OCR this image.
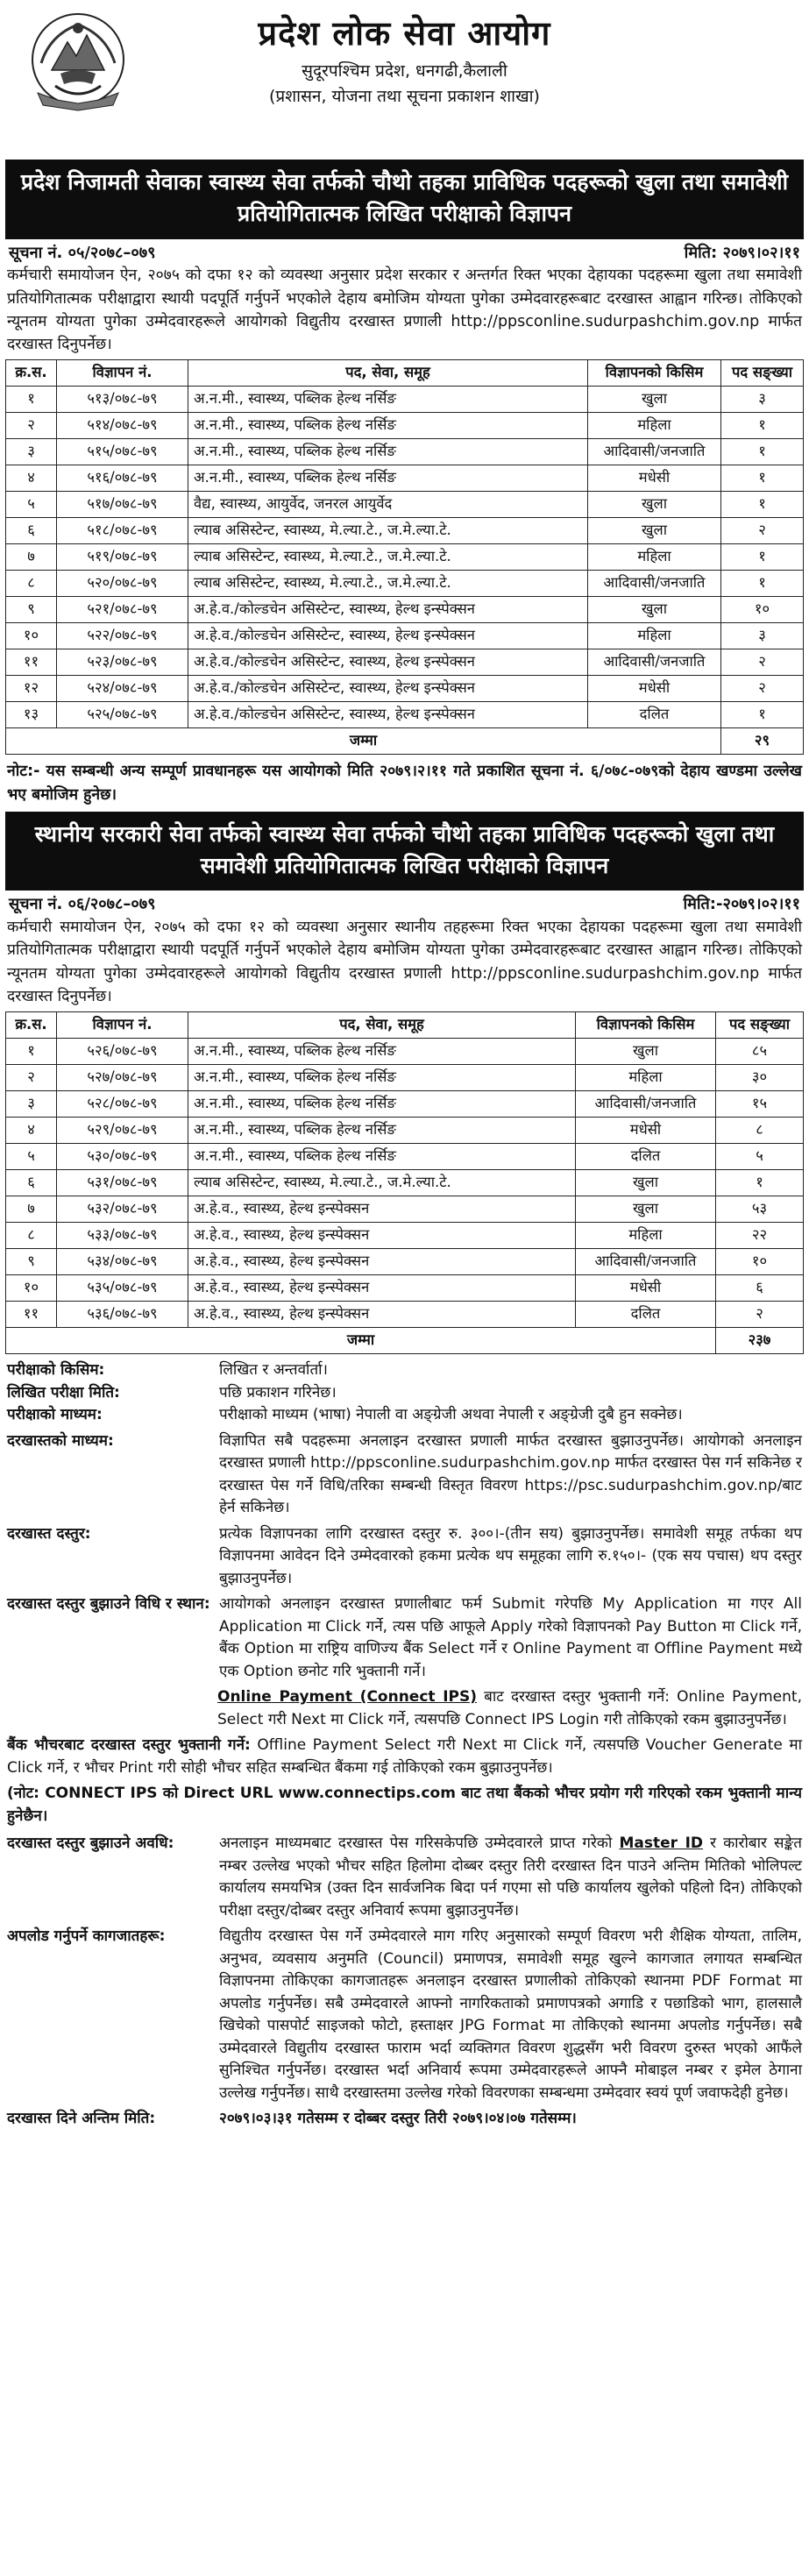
प्रदेश लोक सेवा आयोग
सुदूरपश्चिम प्रदेश, धनगढी,कैलाली
(प्रशासन, योजना तथा सूचना प्रकाशन शाखा)
प्रदेश निजामती सेवाका स्वास्थ्य सेवा तर्फको चौथो तहका प्राविधिक पदहरूको खुला तथा समावेशी प्रतियोगितात्मक लिखित परीक्षाको विज्ञापन
सूचना नं. ०५/२०७८–०७९	मिति: २०७९।०२।११
कर्मचारी समायोजन ऐन, २०७५ को दफा १२ को व्यवस्था अनुसार प्रदेश सरकार र अन्तर्गत रिक्त भएका देहायका पदहरूमा खुला तथा समावेशी प्रतियोगितात्मक परीक्षाद्वारा स्थायी पदपूर्ति गर्नुपर्ने भएकोले देहाय बमोजिम योग्यता पुगेका उम्मेदवारहरूबाट दरखास्त आह्वान गरिन्छ। तोकिएको न्यूनतम योग्यता पुगेका उम्मेदवारहरूले आयोगको विद्युतीय दरखास्त प्रणाली http://ppsconline.sudurpashchim.gov.np मार्फत दरखास्त दिनुपर्नेछ।
क्र.स.	विज्ञापन नं.	पद, सेवा, समूह	विज्ञापनको किसिम	पद सङ्ख्या
१	५१३/०७८-७९	अ.न.मी., स्वास्थ्य, पब्लिक हेल्थ नर्सिङ	खुला	३
२	५१४/०७८-७९	अ.न.मी., स्वास्थ्य, पब्लिक हेल्थ नर्सिङ	महिला	१
३	५१५/०७८-७९	अ.न.मी., स्वास्थ्य, पब्लिक हेल्थ नर्सिङ	आदिवासी/जनजाति	१
४	५१६/०७८-७९	अ.न.मी., स्वास्थ्य, पब्लिक हेल्थ नर्सिङ	मधेसी	१
५	५१७/०७८-७९	वैद्य, स्वास्थ्य, आयुर्वेद, जनरल आयुर्वेद	खुला	१
६	५१८/०७८-७९	ल्याब असिस्टेन्ट, स्वास्थ्य, मे.ल्या.टे., ज.मे.ल्या.टे.	खुला	२
७	५१९/०७८-७९	ल्याब असिस्टेन्ट, स्वास्थ्य, मे.ल्या.टे., ज.मे.ल्या.टे.	महिला	१
८	५२०/०७८-७९	ल्याब असिस्टेन्ट, स्वास्थ्य, मे.ल्या.टे., ज.मे.ल्या.टे.	आदिवासी/जनजाति	१
९	५२१/०७८-७९	अ.हे.व./कोल्डचेन असिस्टेन्ट, स्वास्थ्य, हेल्थ इन्स्पेक्सन	खुला	१०
१०	५२२/०७८-७९	अ.हे.व./कोल्डचेन असिस्टेन्ट, स्वास्थ्य, हेल्थ इन्स्पेक्सन	महिला	३
११	५२३/०७८-७९	अ.हे.व./कोल्डचेन असिस्टेन्ट, स्वास्थ्य, हेल्थ इन्स्पेक्सन	आदिवासी/जनजाति	२
१२	५२४/०७८-७९	अ.हे.व./कोल्डचेन असिस्टेन्ट, स्वास्थ्य, हेल्थ इन्स्पेक्सन	मधेसी	२
१३	५२५/०७८-७९	अ.हे.व./कोल्डचेन असिस्टेन्ट, स्वास्थ्य, हेल्थ इन्स्पेक्सन	दलित	१
जम्मा				२९
नोट:- यस सम्बन्धी अन्य सम्पूर्ण प्रावधानहरू यस आयोगको मिति २०७९।२।११ गते प्रकाशित सूचना नं. ६/०७८-०७९को देहाय खण्डमा उल्लेख भए बमोजिम हुनेछ।
स्थानीय सरकारी सेवा तर्फको स्वास्थ्य सेवा तर्फको चौथो तहका प्राविधिक पदहरूको खुला तथा समावेशी प्रतियोगितात्मक लिखित परीक्षाको विज्ञापन
सूचना नं. ०६/२०७८–०७९	मिति:-२०७९।०२।११
कर्मचारी समायोजन ऐन, २०७५ को दफा १२ को व्यवस्था अनुसार स्थानीय तहहरूमा रिक्त भएका देहायका पदहरूमा खुला तथा समावेशी प्रतियोगितात्मक परीक्षाद्वारा स्थायी पदपूर्ति गर्नुपर्ने भएकोले देहाय बमोजिम योग्यता पुगेका उम्मेदवारहरूबाट दरखास्त आह्वान गरिन्छ। तोकिएको न्यूनतम योग्यता पुगेका उम्मेदवारहरूले आयोगको विद्युतीय दरखास्त प्रणाली http://ppsconline.sudurpashchim.gov.np मार्फत दरखास्त दिनुपर्नेछ।
क्र.स.	विज्ञापन नं.	पद, सेवा, समूह	विज्ञापनको किसिम	पद सङ्ख्या
१	५२६/०७८-७९	अ.न.मी., स्वास्थ्य, पब्लिक हेल्थ नर्सिङ	खुला	८५
२	५२७/०७८-७९	अ.न.मी., स्वास्थ्य, पब्लिक हेल्थ नर्सिङ	महिला	३०
३	५२८/०७८-७९	अ.न.मी., स्वास्थ्य, पब्लिक हेल्थ नर्सिङ	आदिवासी/जनजाति	१५
४	५२९/०७८-७९	अ.न.मी., स्वास्थ्य, पब्लिक हेल्थ नर्सिङ	मधेसी	८
५	५३०/०७८-७९	अ.न.मी., स्वास्थ्य, पब्लिक हेल्थ नर्सिङ	दलित	५
६	५३१/०७८-७९	ल्याब असिस्टेन्ट, स्वास्थ्य, मे.ल्या.टे., ज.मे.ल्या.टे.	खुला	१
७	५३२/०७८-७९	अ.हे.व., स्वास्थ्य, हेल्थ इन्स्पेक्सन	खुला	५३
८	५३३/०७८-७९	अ.हे.व., स्वास्थ्य, हेल्थ इन्स्पेक्सन	महिला	२२
९	५३४/०७८-७९	अ.हे.व., स्वास्थ्य, हेल्थ इन्स्पेक्सन	आदिवासी/जनजाति	१०
१०	५३५/०७८-७९	अ.हे.व., स्वास्थ्य, हेल्थ इन्स्पेक्सन	मधेसी	६
११	५३६/०७८-७९	अ.हे.व., स्वास्थ्य, हेल्थ इन्स्पेक्सन	दलित	२
जम्मा				२३७
परीक्षाको किसिम:	लिखित र अन्तर्वार्ता।
लिखित परीक्षा मिति:	पछि प्रकाशन गरिनेछ।
परीक्षाको माध्यम:	परीक्षाको माध्यम (भाषा) नेपाली वा अङ्ग्रेजी अथवा नेपाली र अङ्ग्रेजी दुबै हुन सक्नेछ।
दरखास्तको माध्यम:	विज्ञापित सबै पदहरूमा अनलाइन दरखास्त प्रणाली मार्फत दरखास्त बुझाउनुपर्नेछ। आयोगको अनलाइन दरखास्त प्रणाली http://ppsconline.sudurpashchim.gov.np मार्फत दरखास्त पेस गर्न सकिनेछ र दरखास्त पेस गर्ने विधि/तरिका सम्बन्धी विस्तृत विवरण https://psc.sudurpashchim.gov.np/बाट हेर्न सकिनेछ।
दरखास्त दस्तुर:	प्रत्येक विज्ञापनका लागि दरखास्त दस्तुर रु. ३००।-(तीन सय) बुझाउनुपर्नेछ। समावेशी समूह तर्फका थप विज्ञापनमा आवेदन दिने उम्मेदवारको हकमा प्रत्येक थप समूहका लागि रु.१५०।- (एक सय पचास) थप दस्तुर बुझाउनुपर्नेछ।
दरखास्त दस्तुर बुझाउने विधि र स्थान: आयोगको अनलाइन दरखास्त प्रणालीबाट फर्म Submit गरेपछि My Application मा गएर All Application मा Click गर्ने, त्यस पछि आफूले Apply गरेको विज्ञापनको Pay Button मा Click गर्ने, बैंक Option मा राष्ट्रिय वाणिज्य बैंक Select गर्ने र Online Payment वा Offline Payment मध्ये एक Option छनोट गरि भुक्तानी गर्ने।
Online Payment (Connect IPS) बाट दरखास्त दस्तुर भुक्तानी गर्ने: Online Payment, Select गरी Next मा Click गर्ने, त्यसपछि Connect IPS Login गरी तोकिएको रकम बुझाउनुपर्नेछ।
बैंक भौचरबाट दरखास्त दस्तुर भुक्तानी गर्ने: Offline Payment Select गरी Next मा Click गर्ने, त्यसपछि Voucher Generate मा Click गर्ने, र भौचर Print गरी सोही भौचर सहित सम्बन्धित बैंकमा गई तोकिएको रकम बुझाउनुपर्नेछ।
(नोट: CONNECT IPS को Direct URL www.connectips.com बाट तथा बैंकको भौचर प्रयोग गरी गरिएको रकम भुक्तानी मान्य हुनेछैन।
दरखास्त दस्तुर बुझाउने अवधि:	अनलाइन माध्यमबाट दरखास्त पेस गरिसकेपछि उम्मेदवारले प्राप्त गरेको Master ID र कारोबार सङ्केत नम्बर उल्लेख भएको भौचर सहित हिलोमा दोब्बर दस्तुर तिरी दरखास्त दिन पाउने अन्तिम मितिको भोलिपल्ट कार्यालय समयभित्र (उक्त दिन सार्वजनिक बिदा पर्न गएमा सो पछि कार्यालय खुलेको पहिलो दिन) तोकिएको परीक्षा दस्तुर/दोब्बर दस्तुर अनिवार्य रूपमा बुझाउनुपर्नेछ।
अपलोड गर्नुपर्ने कागजातहरू:	विद्युतीय दरखास्त पेस गर्ने उम्मेदवारले माग गरिए अनुसारको सम्पूर्ण विवरण भरी शैक्षिक योग्यता, तालिम, अनुभव, व्यवसाय अनुमति (Council) प्रमाणपत्र, समावेशी समूह खुल्ने कागजात लगायत सम्बन्धित विज्ञापनमा तोकिएका कागजातहरू अनलाइन दरखास्त प्रणालीको तोकिएको स्थानमा PDF Format मा अपलोड गर्नुपर्नेछ। सबै उम्मेदवारले आफ्नो नागरिकताको प्रमाणपत्रको अगाडि र पछाडिको भाग, हालसालै खिचेको पासपोर्ट साइजको फोटो, हस्ताक्षर JPG Format मा तोकिएको स्थानमा अपलोड गर्नुपर्नेछ। सबै उम्मेदवारले विद्युतीय दरखास्त फाराम भर्दा व्यक्तिगत विवरण शुद्धसँग भरी विवरण दुरुस्त भएको आफैंले सुनिश्चित गर्नुपर्नेछ। दरखास्त भर्दा अनिवार्य रूपमा उम्मेदवारहरूले आफ्नै मोबाइल नम्बर र इमेल ठेगाना उल्लेख गर्नुपर्नेछ। साथै दरखास्तमा उल्लेख गरेको विवरणका सम्बन्धमा उम्मेदवार स्वयं पूर्ण जवाफदेही हुनेछ।
दरखास्त दिने अन्तिम मिति:	२०७९।०३।३१ गतेसम्म र दोब्बर दस्तुर तिरी २०७९।०४।०७ गतेसम्म।
